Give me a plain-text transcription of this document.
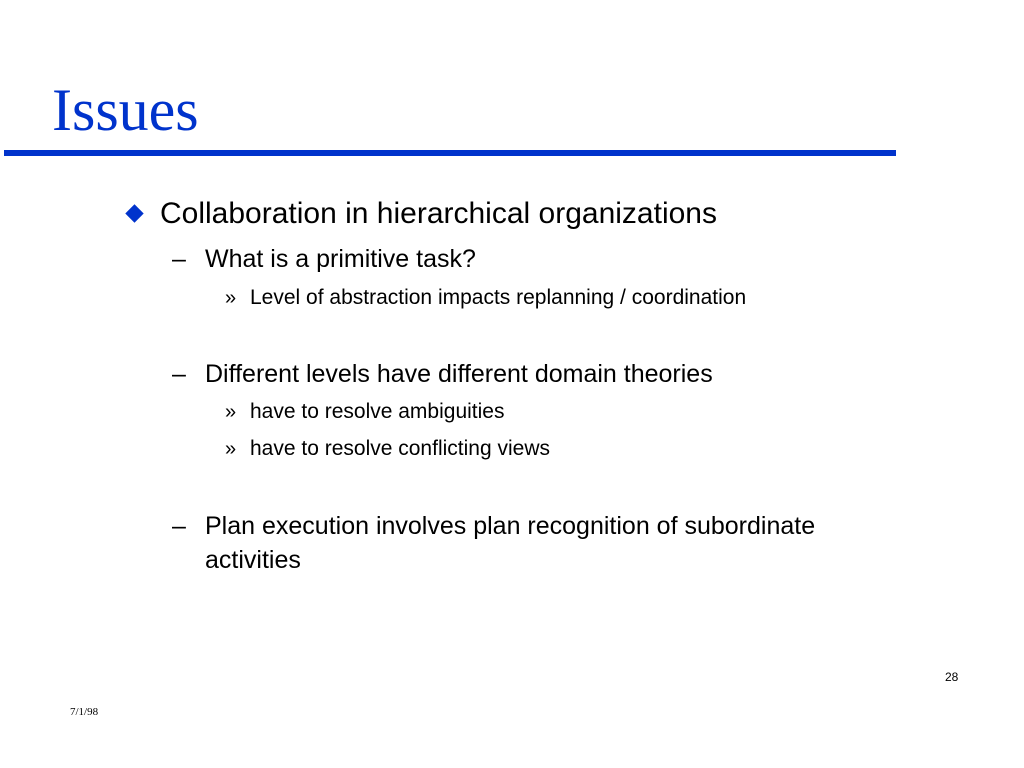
Issues
Collaboration in hierarchical organizations
– What is a primitive task?
» Level of abstraction impacts replanning / coordination
– Different levels have different domain theories
» have to resolve ambiguities
» have to resolve conflicting views
– Plan execution involves plan recognition of subordinate
activities
28
7/1/98
